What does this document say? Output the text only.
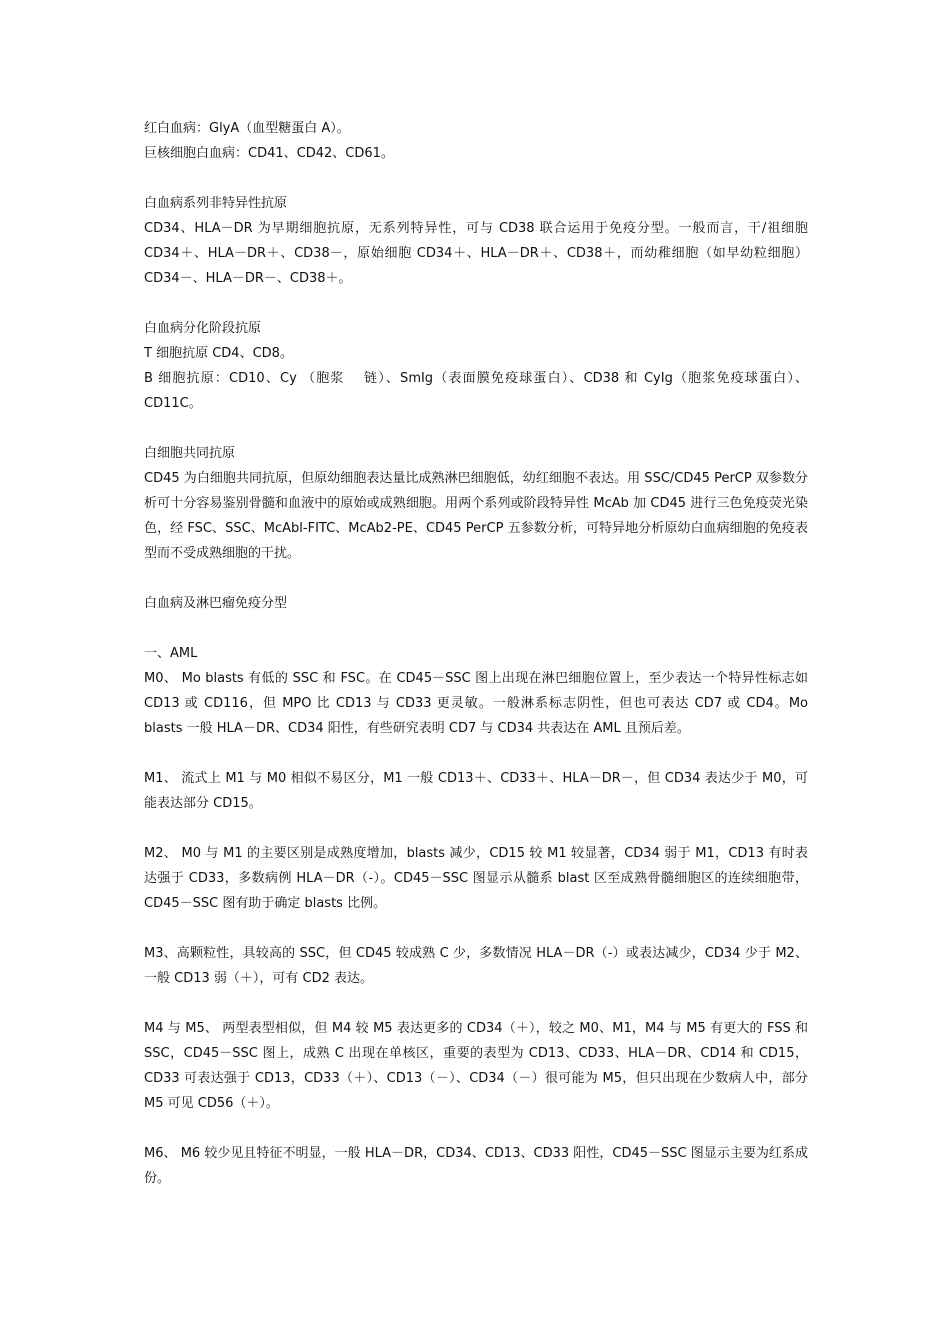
红白血病：GlyA（血型糖蛋白 A）。

巨核细胞白血病：CD41、CD42、CD61。

白血病系列非特异性抗原

CD34、HLA－DR 为早期细胞抗原，无系列特异性，可与 CD38 联合运用于免疫分型。一般而言，干/祖细胞 CD34＋、HLA－DR＋、CD38－，原始细胞 CD34＋、HLA－DR＋、CD38＋，而幼稚细胞（如早幼粒细胞）CD34－、HLA－DR－、CD38＋。

白血病分化阶段抗原

T 细胞抗原 CD4、CD8。

B 细胞抗原：CD10、Cy （胞浆　 链）、SmIg（表面膜免疫球蛋白）、CD38 和 CyIg（胞浆免疫球蛋白）、CD11C。

白细胞共同抗原

CD45 为白细胞共同抗原，但原幼细胞表达量比成熟淋巴细胞低，幼红细胞不表达。用 SSC/CD45 PerCP 双参数分析可十分容易鉴别骨髓和血液中的原始或成熟细胞。用两个系列或阶段特异性 McAb 加 CD45 进行三色免疫荧光染色，经 FSC、SSC、McAbl-FITC、McAb2-PE、CD45 PerCP 五参数分析，可特异地分析原幼白血病细胞的免疫表型而不受成熟细胞的干扰。

白血病及淋巴瘤免疫分型

一、AML

M0、 Mo blasts 有低的 SSC 和 FSC。在 CD45－SSC 图上出现在淋巴细胞位置上，至少表达一个特异性标志如 CD13 或 CD116，但 MPO 比 CD13 与 CD33 更灵敏。一般淋系标志阴性，但也可表达 CD7 或 CD4。Mo blasts 一般 HLA－DR、CD34 阳性，有些研究表明 CD7 与 CD34 共表达在 AML 且预后差。

M1、 流式上 M1 与 M0 相似不易区分，M1 一般 CD13＋、CD33＋、HLA－DR－，但 CD34 表达少于 M0，可能表达部分 CD15。

M2、 M0 与 M1 的主要区别是成熟度增加，blasts 减少，CD15 较 M1 较显著，CD34 弱于 M1，CD13 有时表达强于 CD33，多数病例 HLA－DR（-）。CD45－SSC 图显示从髓系 blast 区至成熟骨髓细胞区的连续细胞带，CD45－SSC 图有助于确定 blasts 比例。

M3、高颗粒性，具较高的 SSC，但 CD45 较成熟 C 少，多数情况 HLA－DR（-）或表达减少，CD34 少于 M2、一般 CD13 弱（＋），可有 CD2 表达。

M4 与 M5、 两型表型相似，但 M4 较 M5 表达更多的 CD34（＋），较之 M0、M1，M4 与 M5 有更大的 FSS 和 SSC，CD45－SSC 图上，成熟 C 出现在单核区，重要的表型为 CD13、CD33、HLA－DR、CD14 和 CD15，CD33 可表达强于 CD13，CD33（＋）、CD13（－）、CD34（－）很可能为 M5，但只出现在少数病人中，部分 M5 可见 CD56（＋）。

M6、 M6 较少见且特征不明显，一般 HLA－DR，CD34、CD13、CD33 阳性，CD45－SSC 图显示主要为红系成份。
